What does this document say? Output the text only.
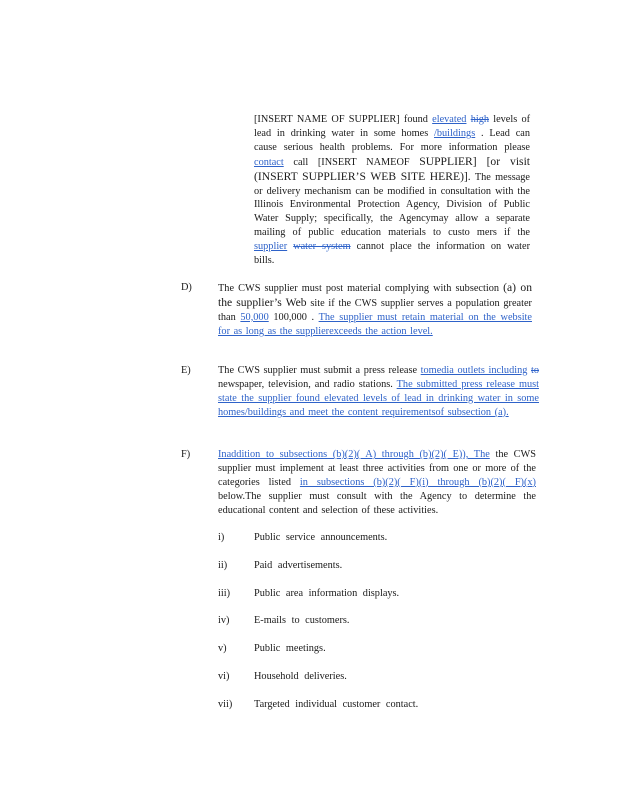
[INSERT NAME OF SUPPLIER] found elevated high levels of lead in drinking water in some homes /buildings . Lead can cause serious health problems. For more information please contact call [INSERT NAMEOF SUPPLIER] [or visit (INSERT SUPPLIER’S WEB SITE HERE)]. The message or delivery mechanism can be modified in consultation with the Illinois Environmental Protection Agency, Division of Public Water Supply; specifically, the Agencymay allow a separate mailing of public education materials to custo mers if the supplier water system cannot place the information on water bills.
D)	The CWS supplier must post material complying with subsection (a) on the supplier’s Web site if the CWS supplier serves a population greater than 50,000 100,000 . The supplier must retain material on the website for as long as the supplierexceeds the action level.
E)	The CWS supplier must submit a press release tomedia outlets including to newspaper, television, and radio stations. The submitted press release must state the supplier found elevated levels of lead in drinking water in some homes/buildings and meet the content requirementsof subsection (a).
F)	Inaddition to subsections (b)(2)( A) through (b)(2)( E)), The the CWS supplier must implement at least three activities from one or more of the categories listed in subsections (b)(2)( F)(i) through (b)(2)( F)(x) below.The supplier must consult with the Agency to determine the educational content and selection of these activities.
i)	Public service announcements.
ii)	Paid advertisements.
iii) Public area information displays.
iv) E-mails to customers.
v)	Public meetings.
vi) Household deliveries.
vii) Targeted individual customer contact.
